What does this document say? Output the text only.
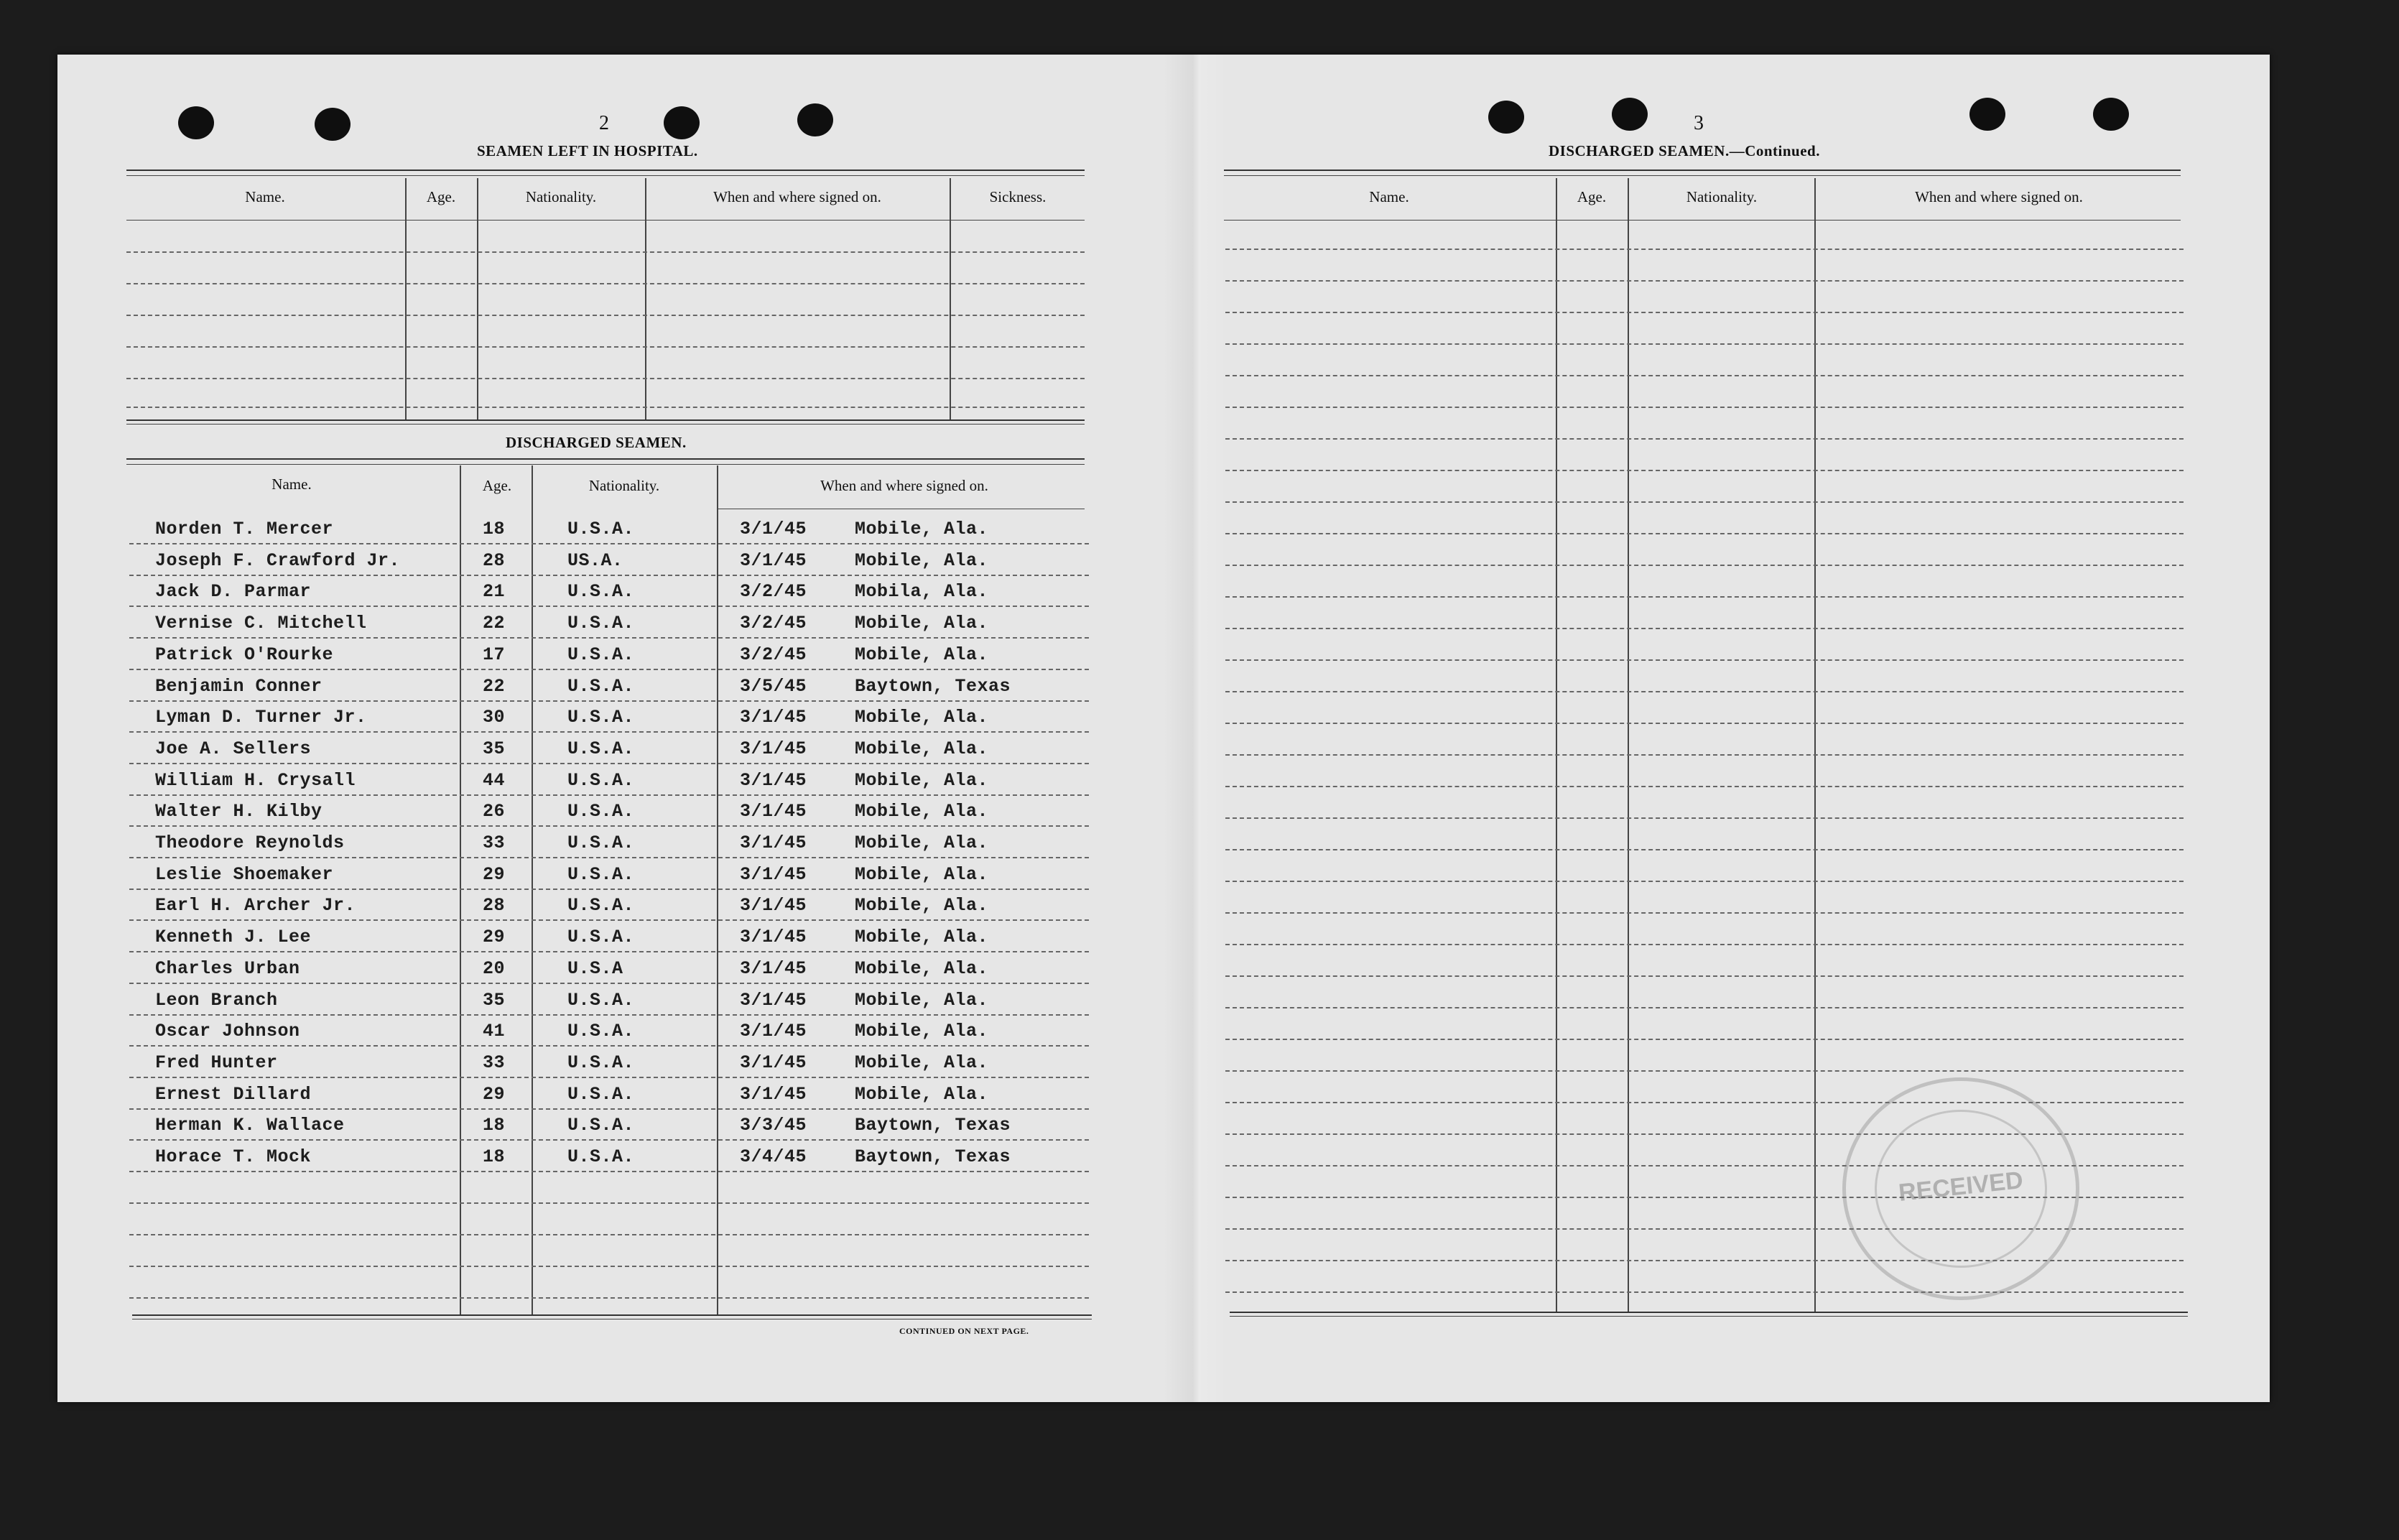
2
SEAMEN LEFT IN HOSPITAL.
Name.	Age.	Nationality.	When and where signed on.	Sickness.
DISCHARGED SEAMEN.
Name.	Age.	Nationality.	When and where signed on.
Norden T. Mercer	18	U.S.A.	3/1/45	Mobile, Ala.
Joseph F. Crawford Jr.	28	US.A.	3/1/45	Mobile, Ala.
Jack D. Parmar	21	U.S.A.	3/2/45	Mobila, Ala.
Vernise C. Mitchell	22	U.S.A.	3/2/45	Mobile, Ala.
Patrick O'Rourke	17	U.S.A.	3/2/45	Mobile, Ala.
Benjamin Conner	22	U.S.A.	3/5/45	Baytown, Texas
Lyman D. Turner Jr.	30	U.S.A.	3/1/45	Mobile, Ala.
Joe A. Sellers	35	U.S.A.	3/1/45	Mobile, Ala.
William H. Crysall	44	U.S.A.	3/1/45	Mobile, Ala.
Walter H. Kilby	26	U.S.A.	3/1/45	Mobile, Ala.
Theodore Reynolds	33	U.S.A.	3/1/45	Mobile, Ala.
Leslie Shoemaker	29	U.S.A.	3/1/45	Mobile, Ala.
Earl H. Archer Jr.	28	U.S.A.	3/1/45	Mobile, Ala.
Kenneth J. Lee	29	U.S.A.	3/1/45	Mobile, Ala.
Charles Urban	20	U.S.A	3/1/45	Mobile, Ala.
Leon Branch	35	U.S.A.	3/1/45	Mobile, Ala.
Oscar Johnson	41	U.S.A.	3/1/45	Mobile, Ala.
Fred Hunter	33	U.S.A.	3/1/45	Mobile, Ala.
Ernest Dillard	29	U.S.A.	3/1/45	Mobile, Ala.
Herman K. Wallace	18	U.S.A.	3/3/45	Baytown, Texas
Horace T. Mock	18	U.S.A.	3/4/45	Baytown, Texas
CONTINUED ON NEXT PAGE.
3
DISCHARGED SEAMEN.—Continued.
Name.	Age.	Nationality.	When and where signed on.
RECEIVED
